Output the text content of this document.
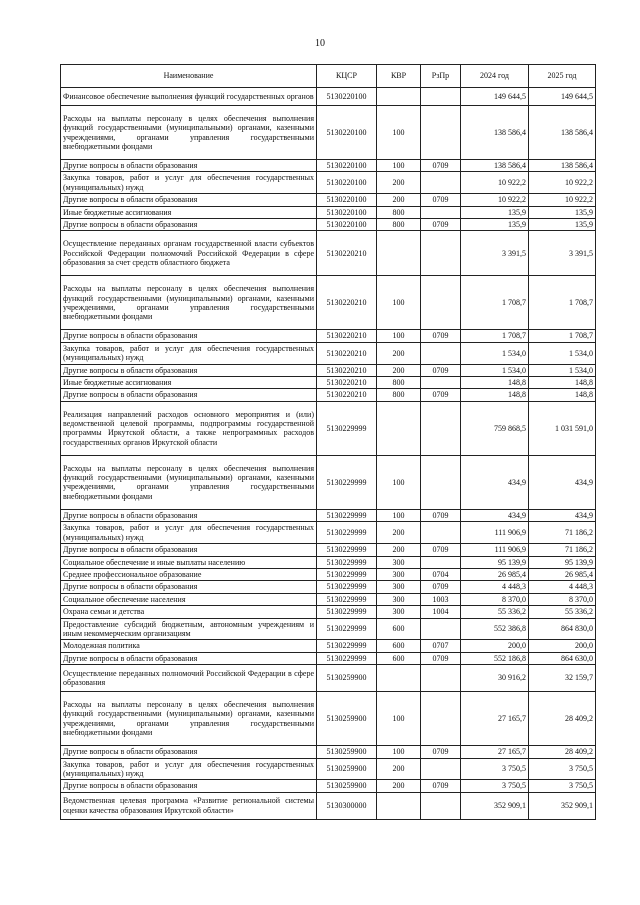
10
Наименование	КЦСР	КВР	РзПр	2024 год	2025 год
Финансовое обеспечение выполнения функций государственных органов	5130220100			149 644,5	149 644,5
Расходы на выплаты персоналу в целях обеспечения выполнения функций государственными (муниципальными) органами, казенными учреждениями, органами управления государственными внебюджетными фондами	5130220100	100		138 586,4	138 586,4
Другие вопросы в области образования	5130220100	100	0709	138 586,4	138 586,4
Закупка товаров, работ и услуг для обеспечения государственных (муниципальных) нужд	5130220100	200		10 922,2	10 922,2
Другие вопросы в области образования	5130220100	200	0709	10 922,2	10 922,2
Иные бюджетные ассигнования	5130220100	800		135,9	135,9
Другие вопросы в области образования	5130220100	800	0709	135,9	135,9
Осуществление переданных органам государственной власти субъектов Российской Федерации полномочий Российской Федерации в сфере образования за счет средств областного бюджета	5130220210			3 391,5	3 391,5
Расходы на выплаты персоналу в целях обеспечения выполнения функций государственными (муниципальными) органами, казенными учреждениями, органами управления государственными внебюджетными фондами	5130220210	100		1 708,7	1 708,7
Другие вопросы в области образования	5130220210	100	0709	1 708,7	1 708,7
Закупка товаров, работ и услуг для обеспечения государственных (муниципальных) нужд	5130220210	200		1 534,0	1 534,0
Другие вопросы в области образования	5130220210	200	0709	1 534,0	1 534,0
Иные бюджетные ассигнования	5130220210	800		148,8	148,8
Другие вопросы в области образования	5130220210	800	0709	148,8	148,8
Реализация направлений расходов основного мероприятия и (или) ведомственной целевой программы, подпрограммы государственной программы Иркутской области, а также непрограммных расходов государственных органов Иркутской области	5130229999			759 868,5	1 031 591,0
Расходы на выплаты персоналу в целях обеспечения выполнения функций государственными (муниципальными) органами, казенными учреждениями, органами управления государственными внебюджетными фондами	5130229999	100		434,9	434,9
Другие вопросы в области образования	5130229999	100	0709	434,9	434,9
Закупка товаров, работ и услуг для обеспечения государственных (муниципальных) нужд	5130229999	200		111 906,9	71 186,2
Другие вопросы в области образования	5130229999	200	0709	111 906,9	71 186,2
Социальное обеспечение и иные выплаты населению	5130229999	300		95 139,9	95 139,9
Среднее профессиональное образование	5130229999	300	0704	26 985,4	26 985,4
Другие вопросы в области образования	5130229999	300	0709	4 448,3	4 448,3
Социальное обеспечение населения	5130229999	300	1003	8 370,0	8 370,0
Охрана семьи и детства	5130229999	300	1004	55 336,2	55 336,2
Предоставление субсидий бюджетным, автономным учреждениям и иным некоммерческим организациям	5130229999	600		552 386,8	864 830,0
Молодежная политика	5130229999	600	0707	200,0	200,0
Другие вопросы в области образования	5130229999	600	0709	552 186,8	864 630,0
Осуществление переданных полномочий Российской Федерации в сфере образования	5130259900			30 916,2	32 159,7
Расходы на выплаты персоналу в целях обеспечения выполнения функций государственными (муниципальными) органами, казенными учреждениями, органами управления государственными внебюджетными фондами	5130259900	100		27 165,7	28 409,2
Другие вопросы в области образования	5130259900	100	0709	27 165,7	28 409,2
Закупка товаров, работ и услуг для обеспечения государственных (муниципальных) нужд	5130259900	200		3 750,5	3 750,5
Другие вопросы в области образования	5130259900	200	0709	3 750,5	3 750,5
Ведомственная целевая программа «Развитие региональной системы оценки качества образования Иркутской области»	5130300000			352 909,1	352 909,1
